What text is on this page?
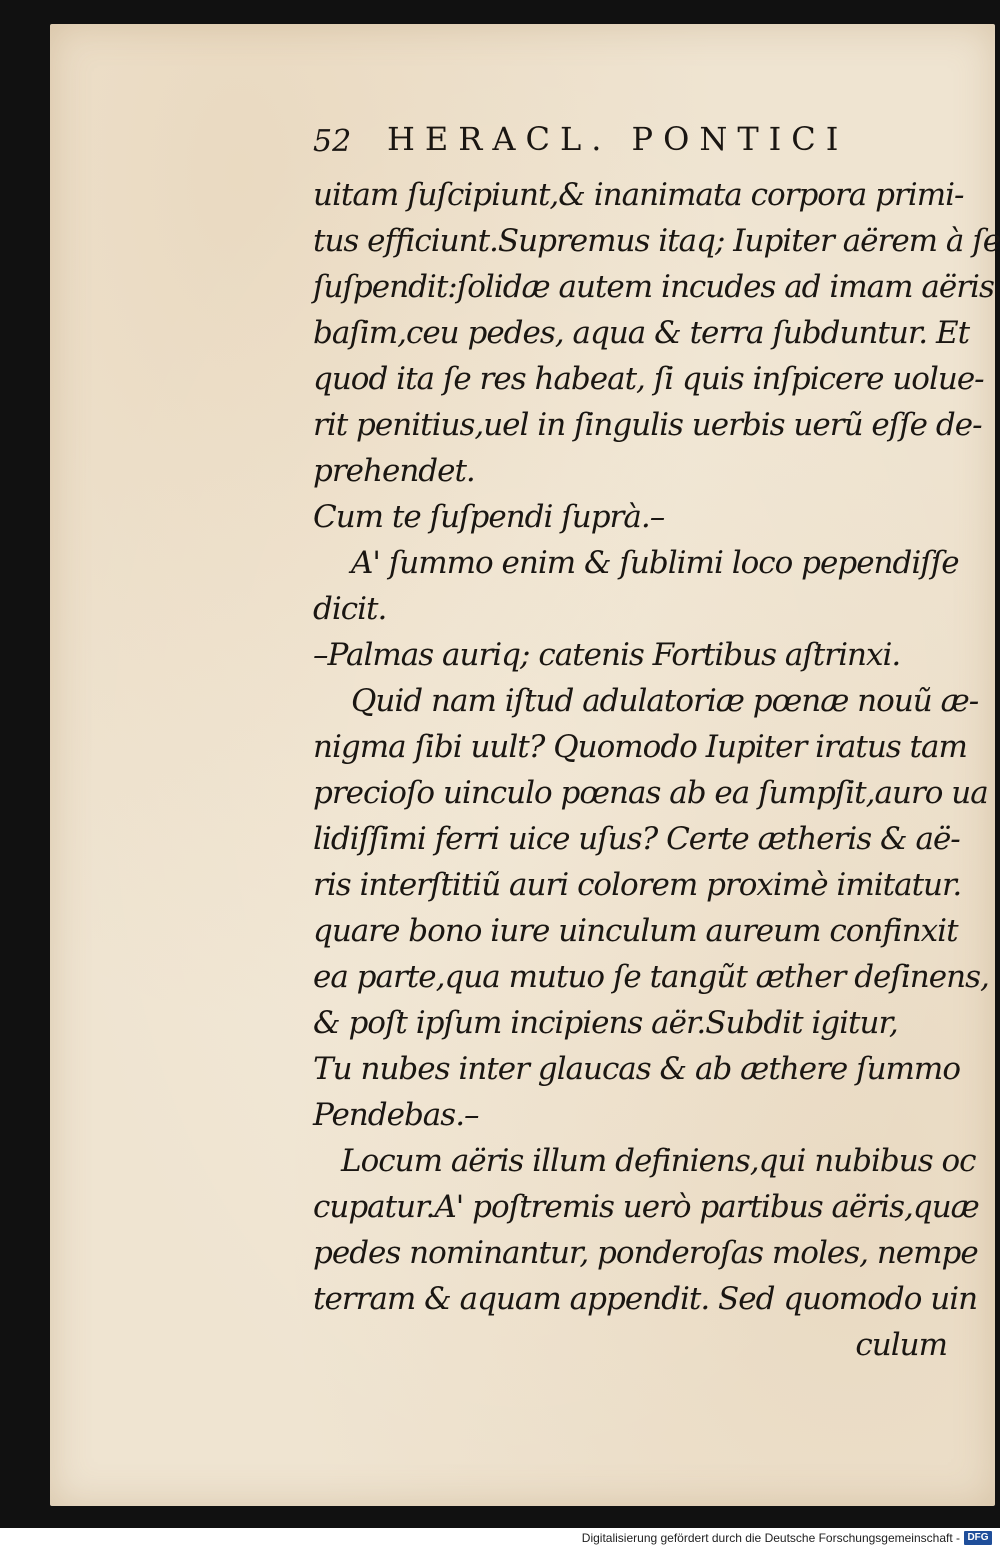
52 HERACL. PONTICI
uitam ſuſcipiunt,& inanimata corpora primi-
tus efficiunt.Supremus itaq; Iupiter aërem à ſe
ſuſpendit:ſolidæ autem incudes ad imam aëris
baſim,ceu pedes, aqua & terra ſubduntur. Et
quod ita ſe res habeat, ſi quis inſpicere uolue-
rit penitius,uel in ſingulis uerbis uerũ eſſe de-
prehendet.
Cum te ſuſpendi ſuprà.–
A' ſummo enim & ſublimi loco pependiſſe
dicit.
–Palmas auriq; catenis Fortibus aſtrinxi.
Quid nam iſtud adulatoriæ pœnæ nouũ æ-
nigma ſibi uult? Quomodo Iupiter iratus tam
precioſo uinculo pœnas ab ea ſumpſit,auro ua
lidiſſimi ferri uice uſus? Certe ætheris & aë-
ris interſtitiũ auri colorem proximè imitatur.
quare bono iure uinculum aureum confinxit
ea parte,qua mutuo ſe tangũt æther deſinens,
& poſt ipſum incipiens aër.Subdit igitur,
Tu nubes inter glaucas & ab æthere ſummo
Pendebas.–
Locum aëris illum definiens,qui nubibus oc
cupatur.A' poſtremis uerò partibus aëris,quæ
pedes nominantur, ponderoſas moles, nempe
terram & aquam appendit. Sed quomodo uin
culum
Digitalisierung gefördert durch die Deutsche Forschungsgemeinschaft - DFG
